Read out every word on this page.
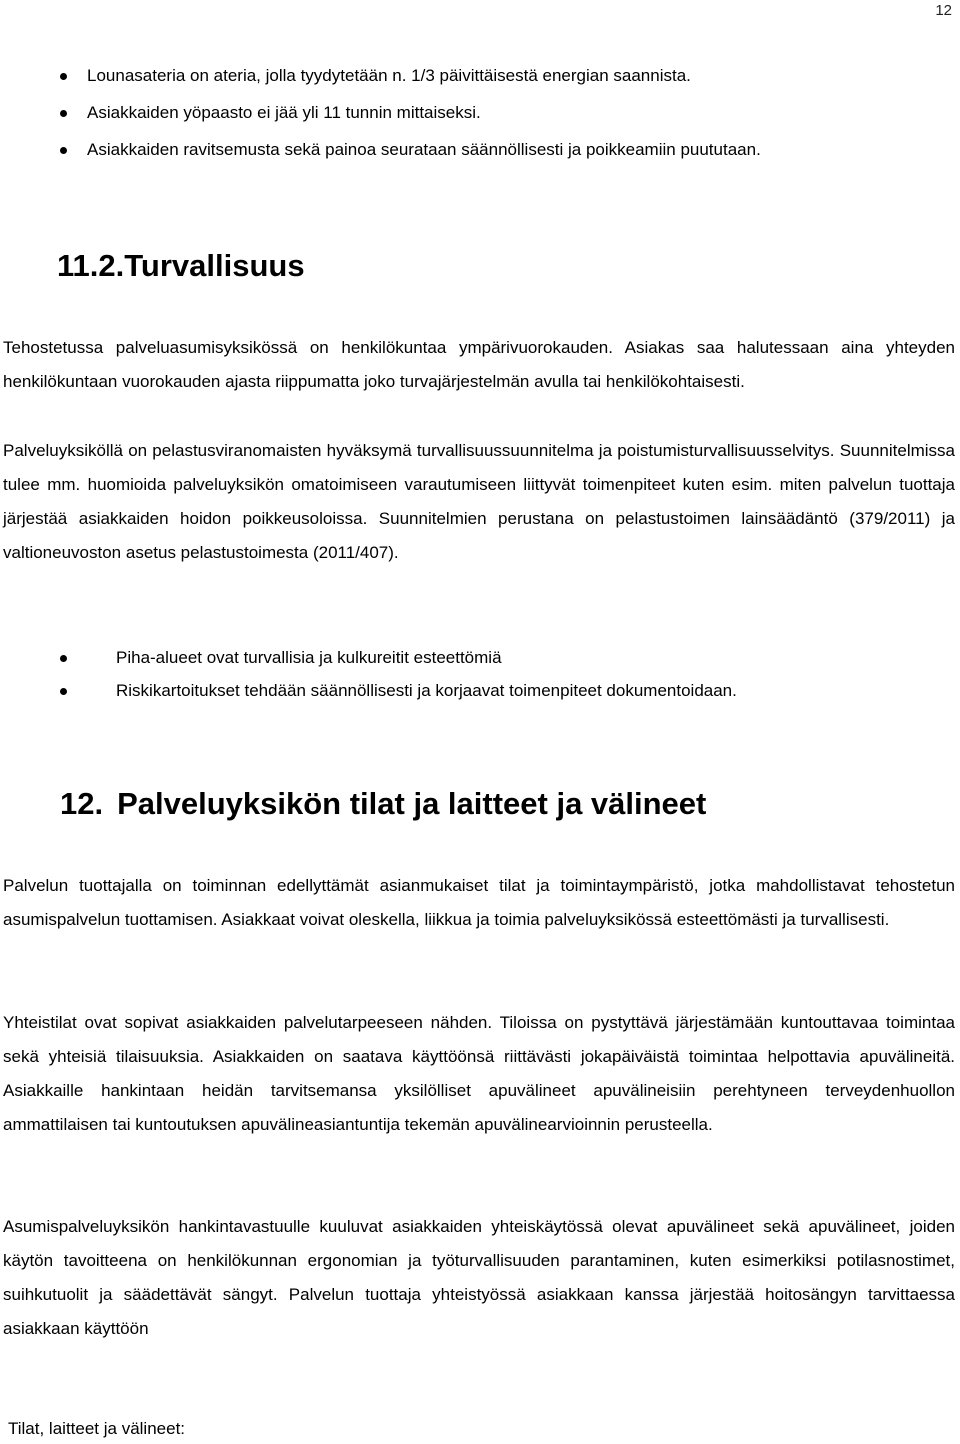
12
Lounasateria on ateria, jolla tyydytetään n. 1/3 päivittäisestä energian saannista.
Asiakkaiden yöpaasto ei jää yli 11 tunnin mittaiseksi.
Asiakkaiden ravitsemusta sekä painoa seurataan säännöllisesti ja poikkeamiin puututaan.
11.2.Turvallisuus

Tehostetussa palveluasumisyksikössä on henkilökuntaa ympärivuorokauden. Asiakas saa halutessaan aina yhteyden henkilökuntaan vuorokauden ajasta riippumatta joko turvajärjestelmän avulla tai henkilökohtaisesti.

Palveluyksiköllä on pelastusviranomaisten hyväksymä turvallisuussuunnitelma ja poistumisturvallisuusselvitys. Suunnitelmissa tulee mm. huomioida palveluyksikön omatoimiseen varautumiseen liittyvät toimenpiteet kuten esim. miten palvelun tuottaja järjestää asiakkaiden hoidon poikkeusoloissa. Suunnitelmien perustana on pelastustoimen lainsäädäntö (379/2011) ja valtioneuvoston asetus pelastustoimesta (2011/407).

Piha-alueet ovat turvallisia ja kulkureitit esteettömiä
Riskikartoitukset tehdään säännöllisesti ja korjaavat toimenpiteet dokumentoidaan.
12. Palveluyksikön tilat ja laitteet ja välineet

Palvelun tuottajalla on toiminnan edellyttämät asianmukaiset tilat ja toimintaympäristö, jotka mahdollistavat tehostetun asumispalvelun tuottamisen. Asiakkaat voivat oleskella, liikkua ja toimia palveluyksikössä esteettömästi ja turvallisesti.

Yhteistilat ovat sopivat asiakkaiden palvelutarpeeseen nähden. Tiloissa on pystyttävä järjestämään kuntouttavaa toimintaa sekä yhteisiä tilaisuuksia. Asiakkaiden on saatava käyttöönsä riittävästi jokapäiväistä toimintaa helpottavia apuvälineitä. Asiakkaille hankintaan heidän tarvitsemansa yksilölliset apuvälineet apuvälineisiin perehtyneen terveydenhuollon ammattilaisen tai kuntoutuksen apuvälineasiantuntija tekemän apuvälinearvioinnin perusteella.

Asumispalveluyksikön hankintavastuulle kuuluvat asiakkaiden yhteiskäytössä olevat apuvälineet sekä apuvälineet, joiden käytön tavoitteena on henkilökunnan ergonomian ja työturvallisuuden parantaminen, kuten esimerkiksi potilasnostimet, suihkutuolit ja säädettävät sängyt. Palvelun tuottaja yhteistyössä asiakkaan kanssa järjestää hoitosängyn tarvittaessa asiakkaan käyttöön

Tilat, laitteet ja välineet:
